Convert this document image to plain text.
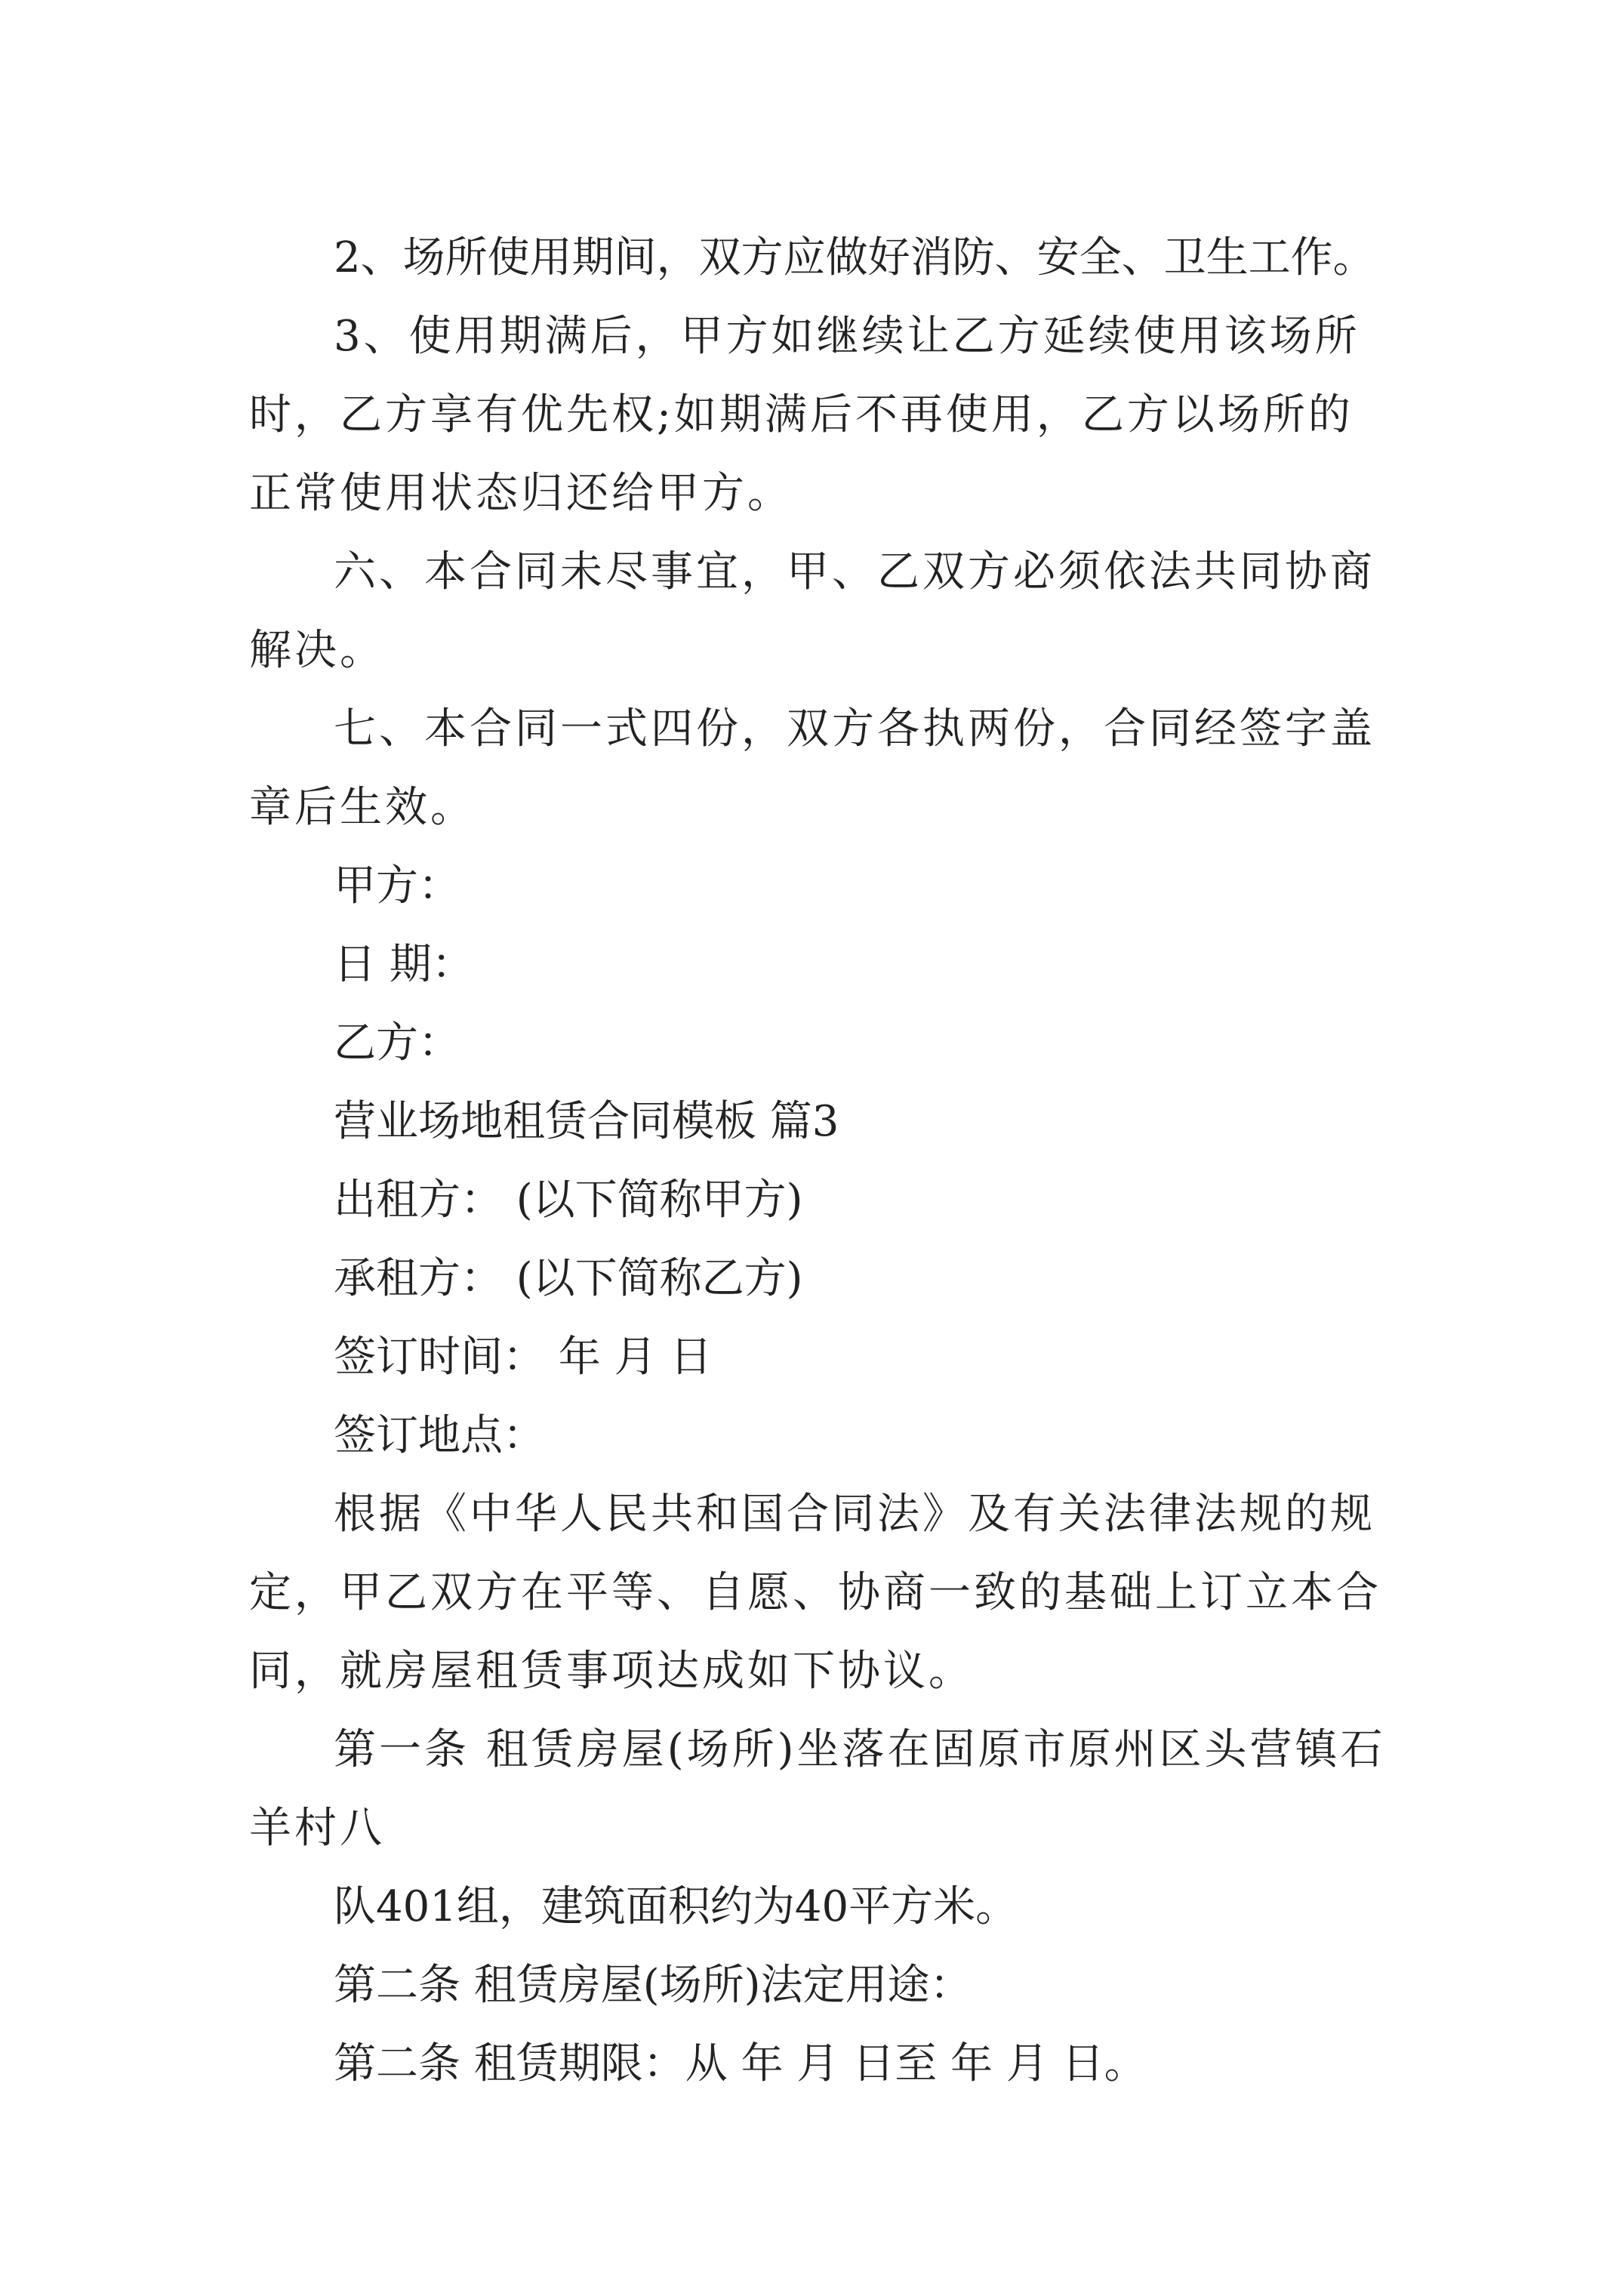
2、场所使用期间，双方应做好消防、安全、卫生工作。

3、使用期满后，甲方如继续让乙方延续使用该场所时，乙方享有优先权;如期满后不再使用，乙方以场所的正常使用状态归还给甲方。

六、本合同未尽事宜，甲、乙双方必须依法共同协商解决。

七、本合同一式四份，双方各执两份，合同经签字盖章后生效。

甲方：

日 期：

乙方：

营业场地租赁合同模板 篇3

出租方： (以下简称甲方)

承租方： (以下简称乙方)

签订时间： 年 月 日

签订地点：

根据《中华人民共和国合同法》及有关法律法规的规定，甲乙双方在平等、自愿、协商一致的基础上订立本合同，就房屋租赁事项达成如下协议。

第一条 租赁房屋(场所)坐落在固原市原州区头营镇石羊村八

队401组，建筑面积约为40平方米。

第二条 租赁房屋(场所)法定用途：

第二条 租赁期限：从 年 月 日至 年 月 日。
